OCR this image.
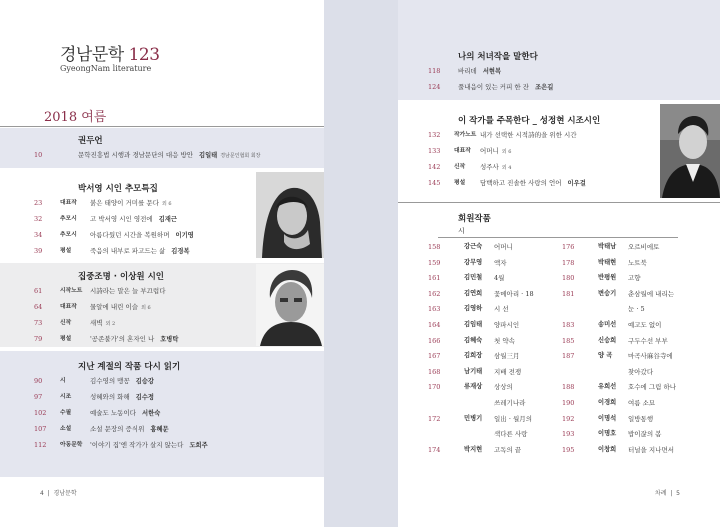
경남문학 123
GyeongNam literature
2018 여름
권두언
10	문학진흥법 시행과 경남문단의 대응 방안 김일태 경남문인협회 회장
박서영 시인 추모특집
23	대표작 붉은 태양이 거미를 문다 외 6
32	추모시 고 박서영 시인 영전에 김재근
34	추모시 아름다웠던 시간을 복원하며 이기영
39	평설	죽음의 내부로 파고드는 삶 김경복
집중조명 · 이상원 시인
61	시작노트 시詩라는 말은 늘 부끄럽다
64	대표작 물알에 내린 이슬 외 6
73	신작	새벽 외 2
79	평설	'공존불가'의 혼자인 나 호병탁
지난 계절의 작품 다시 읽기
90	시	김수영의 맹꽁 김승강
97	시조	성혜와의 화해 김수정
102	수필	예술도 노동이다 서한숙
107	소설	소설 문장의 증식위 홍혜문
112	아동문학 '이야기 집'엔 작가가 살지 않는다 도희주
4  |  경남문학
나의 처녀작을 말한다
118	바리데 서현복
124	풀내음이 있는 커피 한 잔 조은길
이 작가를 주목한다 _ 성정현 시조시인
132	작가노트 내가 선택한 시적詩的을 위한 시간
133	대표작 어머니 외 6
142	신작 성주사 외 4
145	평설 담백하고 진솔한 사랑의 언어 이우걸
회원작품
시
158	강근숙 어머니
159	강무영 액자
161	김민철 4월
162	김연희 꽃메아리 · 18
163	김영하 시 선
164	김임태 양파시인
166	김혜숙 첫 약속
167	김희장 삼월三月
168	남기태 지배 전쟁
170	류재상 상상의
쓰레기나라
172	민병기 일出 · 월月의
색다른 사랑
174	박지현 고독의 끝
176	박태남 오르비에토
178	박태현 노트북
180	반평원 고향
181	변승기 춘삼월에 내리는
눈 · 5
183	송미선 예고도 없이
185	신승희 구두수선 부부
187	양 곡 마곡사麻谷寺에
찾아갔다
188	유희선 호수에 그림 하나
190	이경희 여름 소묘
192	이명석 일방통행
193	이명호 밥이잖의 봄
195	이창희 터널을 지나면서
차례  |  5
